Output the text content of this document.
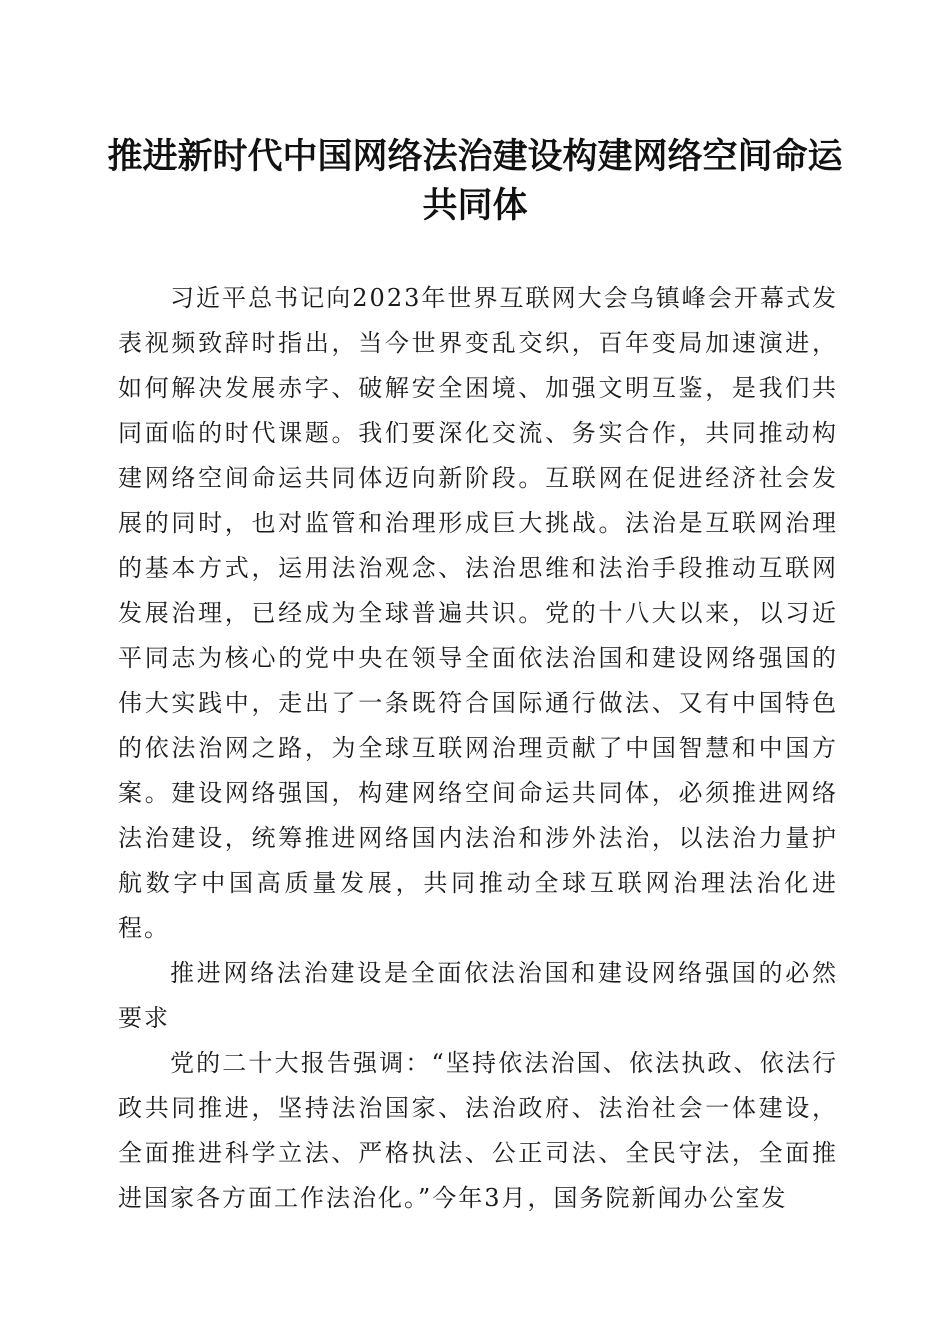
推进新时代中国网络法治建设构建网络空间命运共同体

习近平总书记向2023年世界互联网大会乌镇峰会开幕式发表视频致辞时指出，当今世界变乱交织，百年变局加速演进，如何解决发展赤字、破解安全困境、加强文明互鉴，是我们共同面临的时代课题。我们要深化交流、务实合作，共同推动构建网络空间命运共同体迈向新阶段。互联网在促进经济社会发展的同时，也对监管和治理形成巨大挑战。法治是互联网治理的基本方式，运用法治观念、法治思维和法治手段推动互联网发展治理，已经成为全球普遍共识。党的十八大以来，以习近平同志为核心的党中央在领导全面依法治国和建设网络强国的伟大实践中，走出了一条既符合国际通行做法、又有中国特色的依法治网之路，为全球互联网治理贡献了中国智慧和中国方案。建设网络强国，构建网络空间命运共同体，必须推进网络法治建设，统筹推进网络国内法治和涉外法治，以法治力量护航数字中国高质量发展，共同推动全球互联网治理法治化进程。

推进网络法治建设是全面依法治国和建设网络强国的必然要求

党的二十大报告强调：“坚持依法治国、依法执政、依法行政共同推进，坚持法治国家、法治政府、法治社会一体建设，全面推进科学立法、严格执法、公正司法、全民守法，全面推进国家各方面工作法治化。”今年3月，国务院新闻办公室发
